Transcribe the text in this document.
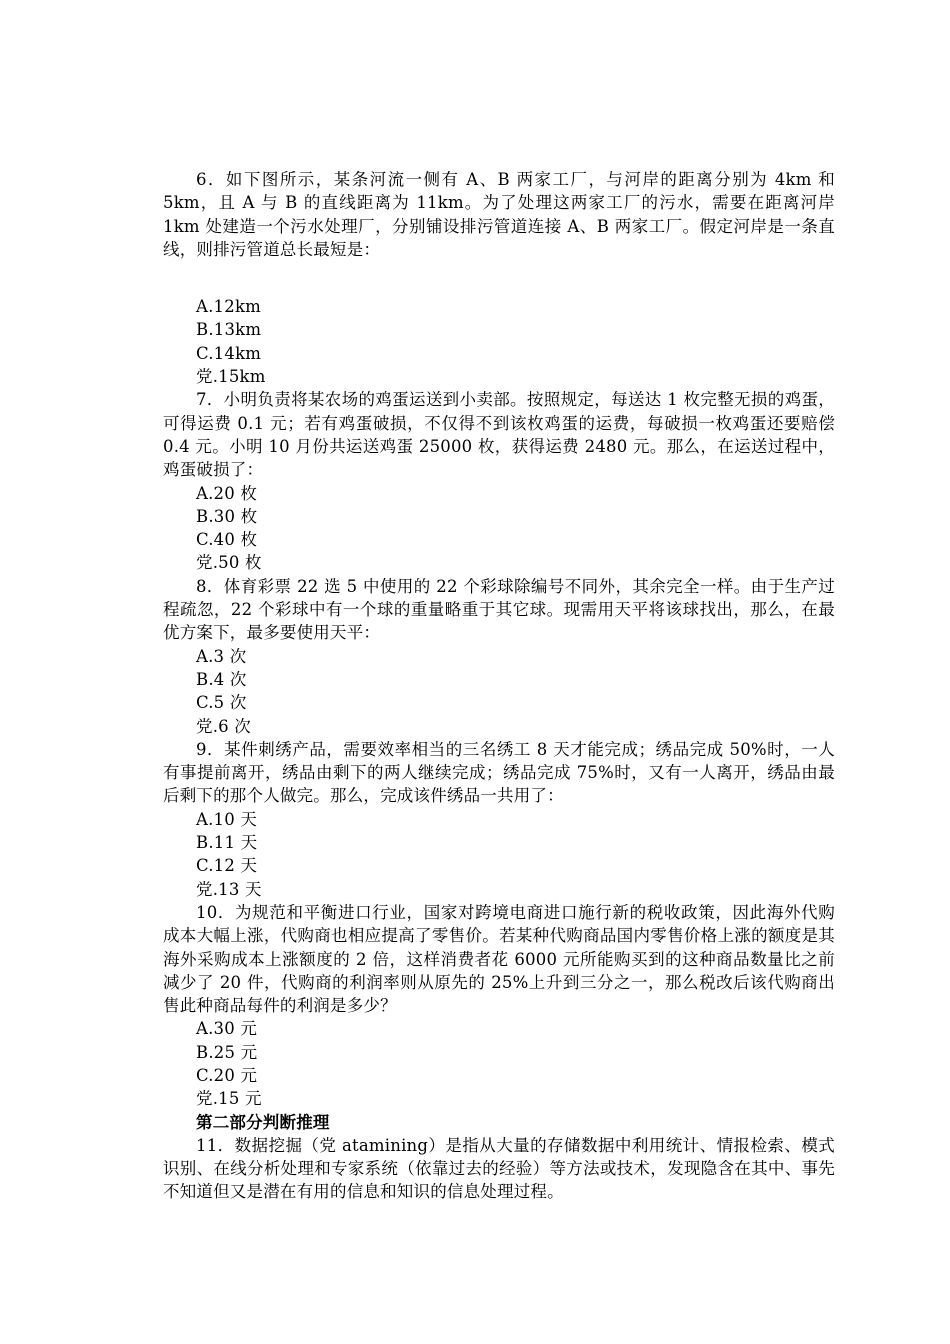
6．如下图所示，某条河流一侧有 A、B 两家工厂，与河岸的距离分别为 4km 和 5km，且 A 与 B 的直线距离为 11km。为了处理这两家工厂的污水，需要在距离河岸 1km 处建造一个污水处理厂，分别铺设排污管道连接 A、B 两家工厂。假定河岸是一条直线，则排污管道总长最短是：

A.12km

B.13km

C.14km

党.15km

7．小明负责将某农场的鸡蛋运送到小卖部。按照规定，每送达 1 枚完整无损的鸡蛋，可得运费 0.1 元；若有鸡蛋破损，不仅得不到该枚鸡蛋的运费，每破损一枚鸡蛋还要赔偿 0.4 元。小明 10 月份共运送鸡蛋 25000 枚，获得运费 2480 元。那么，在运送过程中，鸡蛋破损了：

A.20 枚

B.30 枚

C.40 枚

党.50 枚

8．体育彩票 22 选 5 中使用的 22 个彩球除编号不同外，其余完全一样。由于生产过程疏忽，22 个彩球中有一个球的重量略重于其它球。现需用天平将该球找出，那么，在最优方案下，最多要使用天平：

A.3 次

B.4 次

C.5 次

党.6 次

9．某件刺绣产品，需要效率相当的三名绣工 8 天才能完成；绣品完成 50%时，一人有事提前离开，绣品由剩下的两人继续完成；绣品完成 75%时，又有一人离开，绣品由最后剩下的那个人做完。那么，完成该件绣品一共用了：

A.10 天

B.11 天

C.12 天

党.13 天

10．为规范和平衡进口行业，国家对跨境电商进口施行新的税收政策，因此海外代购成本大幅上涨，代购商也相应提高了零售价。若某种代购商品国内零售价格上涨的额度是其海外采购成本上涨额度的 2 倍，这样消费者花 6000 元所能购买到的这种商品数量比之前减少了 20 件，代购商的利润率则从原先的 25%上升到三分之一，那么税改后该代购商出售此种商品每件的利润是多少？

A.30 元

B.25 元

C.20 元

党.15 元

第二部分判断推理

11．数据挖掘（党 atamining）是指从大量的存储数据中利用统计、情报检索、模式识别、在线分析处理和专家系统（依靠过去的经验）等方法或技术，发现隐含在其中、事先不知道但又是潜在有用的信息和知识的信息处理过程。
